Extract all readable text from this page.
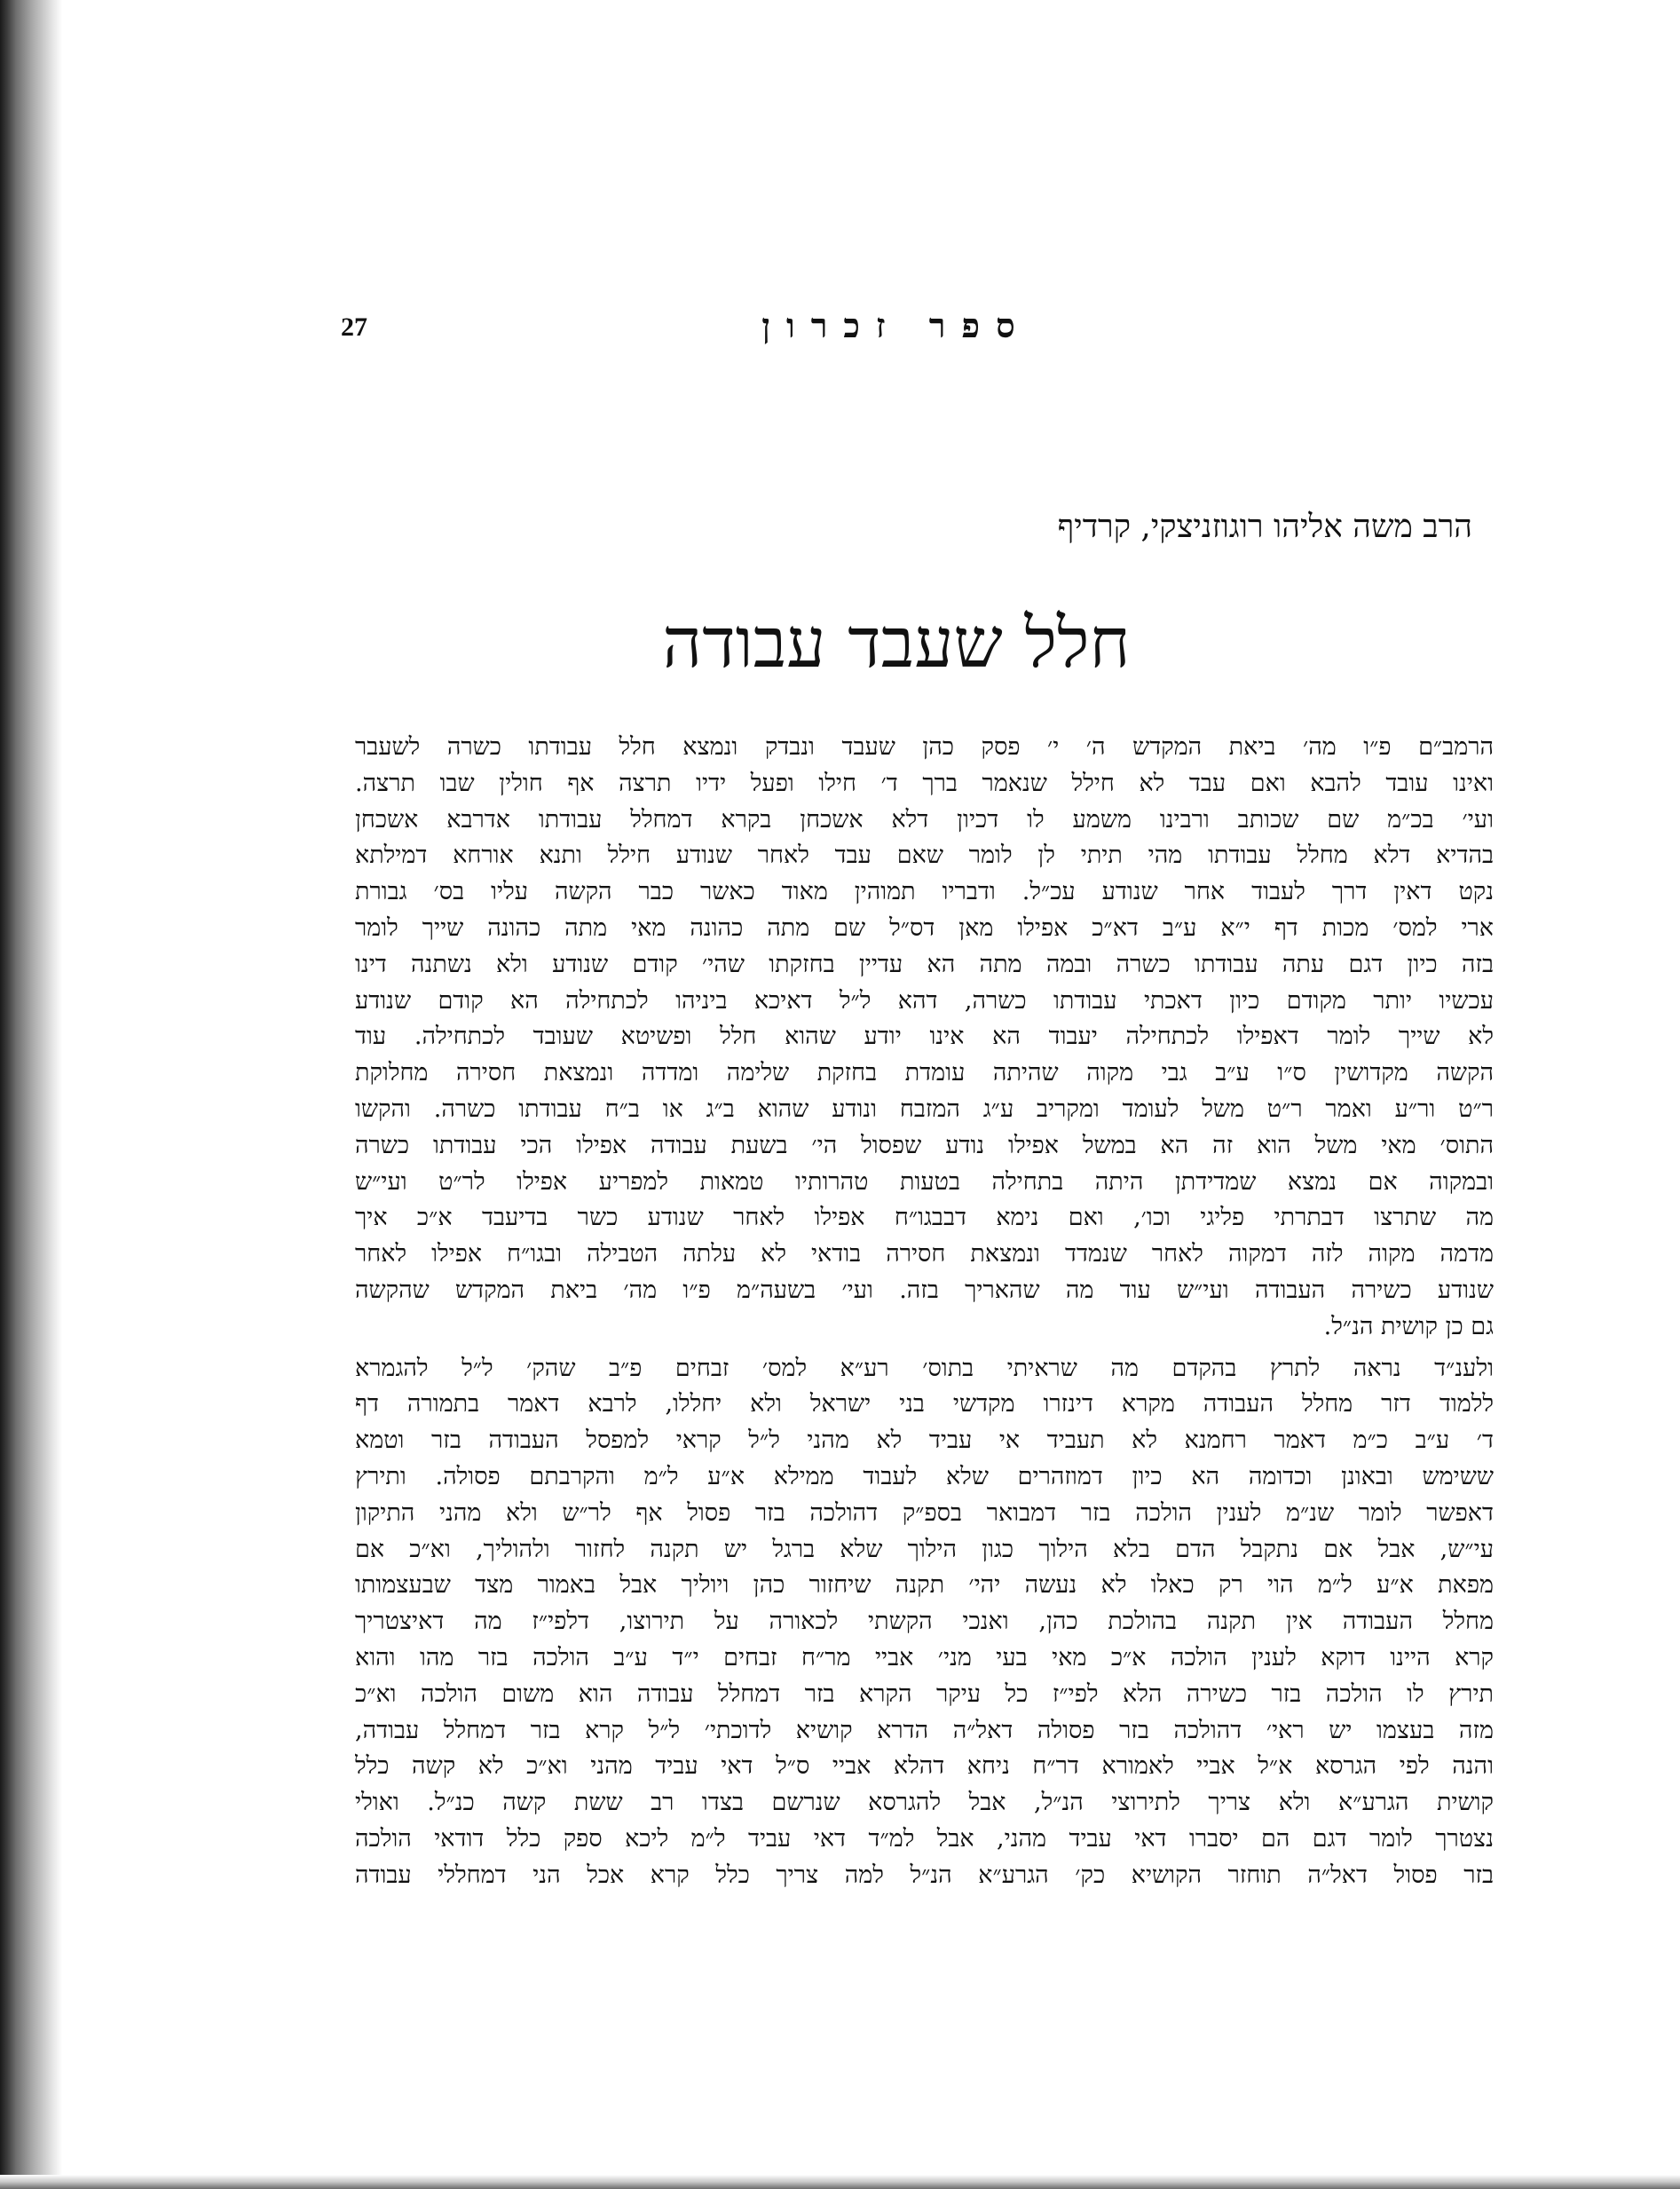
27	ספר זכרון
הרב משה אליהו רוגוזניצקי, קרדיף
חלל שעבד עבודה

הרמב״ם פ״ו מה׳ ביאת המקדש ה׳ י׳ פסק כהן שעבד ונבדק ונמצא חלל עבודתו כשרה לשעבר
ואינו עובד להבא ואם עבד לא חילל שנאמר ברך ד׳ חילו ופעל ידיו תרצה אף חולין שבו תרצה.
ועי׳ בכ״מ שם שכותב ורבינו משמע לו דכיון דלא אשכחן בקרא דמחלל עבודתו אדרבא אשכחן
בהדיא דלא מחלל עבודתו מהי תיתי לן לומר שאם עבד לאחר שנודע חילל ותנא אורחא דמילתא
נקט דאין דרך לעבוד אחר שנודע עכ״ל. ודבריו תמוהין מאוד כאשר כבר הקשה עליו בס׳ גבורת
ארי למס׳ מכות דף י״א ע״ב דא״כ אפילו מאן דס״ל שם מתה כהונה מאי מתה כהונה שייך לומר
בזה כיון דגם עתה עבודתו כשרה ובמה מתה הא עדיין בחזקתו שהי׳ קודם שנודע ולא נשתנה דינו
עכשיו יותר מקודם כיון דאכתי עבודתו כשרה, דהא ל״ל דאיכא ביניהו לכתחילה הא קודם שנודע
לא שייך לומר דאפילו לכתחילה יעבוד הא אינו יודע שהוא חלל ופשיטא שעובד לכתחילה. עוד
הקשה מקדושין ס״ו ע״ב גבי מקוה שהיתה עומדת בחזקת שלימה ומדדה ונמצאת חסירה מחלוקת
ר״ט ור״ע ואמר ר״ט משל לעומד ומקריב ע״ג המזבח ונודע שהוא ב״ג או ב״ח עבודתו כשרה. והקשו
התוס׳ מאי משל הוא זה הא במשל אפילו נודע שפסול הי׳ בשעת עבודה אפילו הכי עבודתו כשרה
ובמקוה אם נמצא שמדידתן היתה בתחילה בטעות טהרותיו טמאות למפריע אפילו לר״ט ועי״ש
מה שתרצו דבתרתי פליגי וכו׳, ואם נימא דבבגו״ח אפילו לאחר שנודע כשר בדיעבד א״כ איך
מדמה מקוה לזה דמקוה לאחר שנמדד ונמצאת חסירה בודאי לא עלתה הטבילה ובגו״ח אפילו לאחר
שנודע כשירה העבודה ועי״ש עוד מה שהאריך בזה. ועי׳ בשעה״מ פ״ו מה׳ ביאת המקדש שהקשה
גם כן קושית הנ״ל.

ולענ״ד נראה לתרץ בהקדם מה שראיתי בתוס׳ רע״א למס׳ זבחים פ״ב שהק׳ ל״ל להגמרא
ללמוד דזר מחלל העבודה מקרא דינזרו מקדשי בני ישראל ולא יחללו, לרבא דאמר בתמורה דף
ד׳ ע״ב כ״מ דאמר רחמנא לא תעביד אי עביד לא מהני ל״ל קראי למפסל העבודה בזר וטמא
ששימש ובאונן וכדומה הא כיון דמוזהרים שלא לעבוד ממילא א״ע ל״מ והקרבתם פסולה. ותירץ
דאפשר לומר שנ״מ לענין הולכה בזר דמבואר בספ״ק דהולכה בזר פסול אף לר״ש ולא מהני התיקון
עי״ש, אבל אם נתקבל הדם בלא הילוך כגון הילוך שלא ברגל יש תקנה לחזור ולהוליך, וא״כ אם
מפאת א״ע ל״מ הוי רק כאלו לא נעשה יהי׳ תקנה שיחזור כהן ויוליך אבל באמור מצד שבעצמותו
מחלל העבודה אין תקנה בהולכת כהן, ואנכי הקשתי לכאורה על תירוצו, דלפי״ז מה דאיצטריך
קרא היינו דוקא לענין הולכה א״כ מאי בעי מני׳ אביי מר״ח זבחים י״ד ע״ב הולכה בזר מהו והוא
תירץ לו הולכה בזר כשירה הלא לפי״ז כל עיקר הקרא בזר דמחלל עבודה הוא משום הולכה וא״כ
מזה בעצמו יש ראי׳ דהולכה בזר פסולה דאל״ה הדרא קושיא לדוכתי׳ ל״ל קרא בזר דמחלל עבודה,
והנה לפי הגרסא א״ל אביי לאמורא דר״ח ניחא דהלא אביי ס״ל דאי עביד מהני וא״כ לא קשה כלל
קושית הגרע״א ולא צריך לתירוצי הנ״ל, אבל להגרסא שנרשם בצדו רב ששת קשה כנ״ל. ואולי
נצטרך לומר דגם הם יסברו דאי עביד מהני, אבל למ״ד דאי עביד ל״מ ליכא ספק כלל דודאי הולכה
בזר פסול דאל״ה תוחזר הקושיא כק׳ הגרע״א הנ״ל למה צריך כלל קרא אכל הני דמחללי עבודה
